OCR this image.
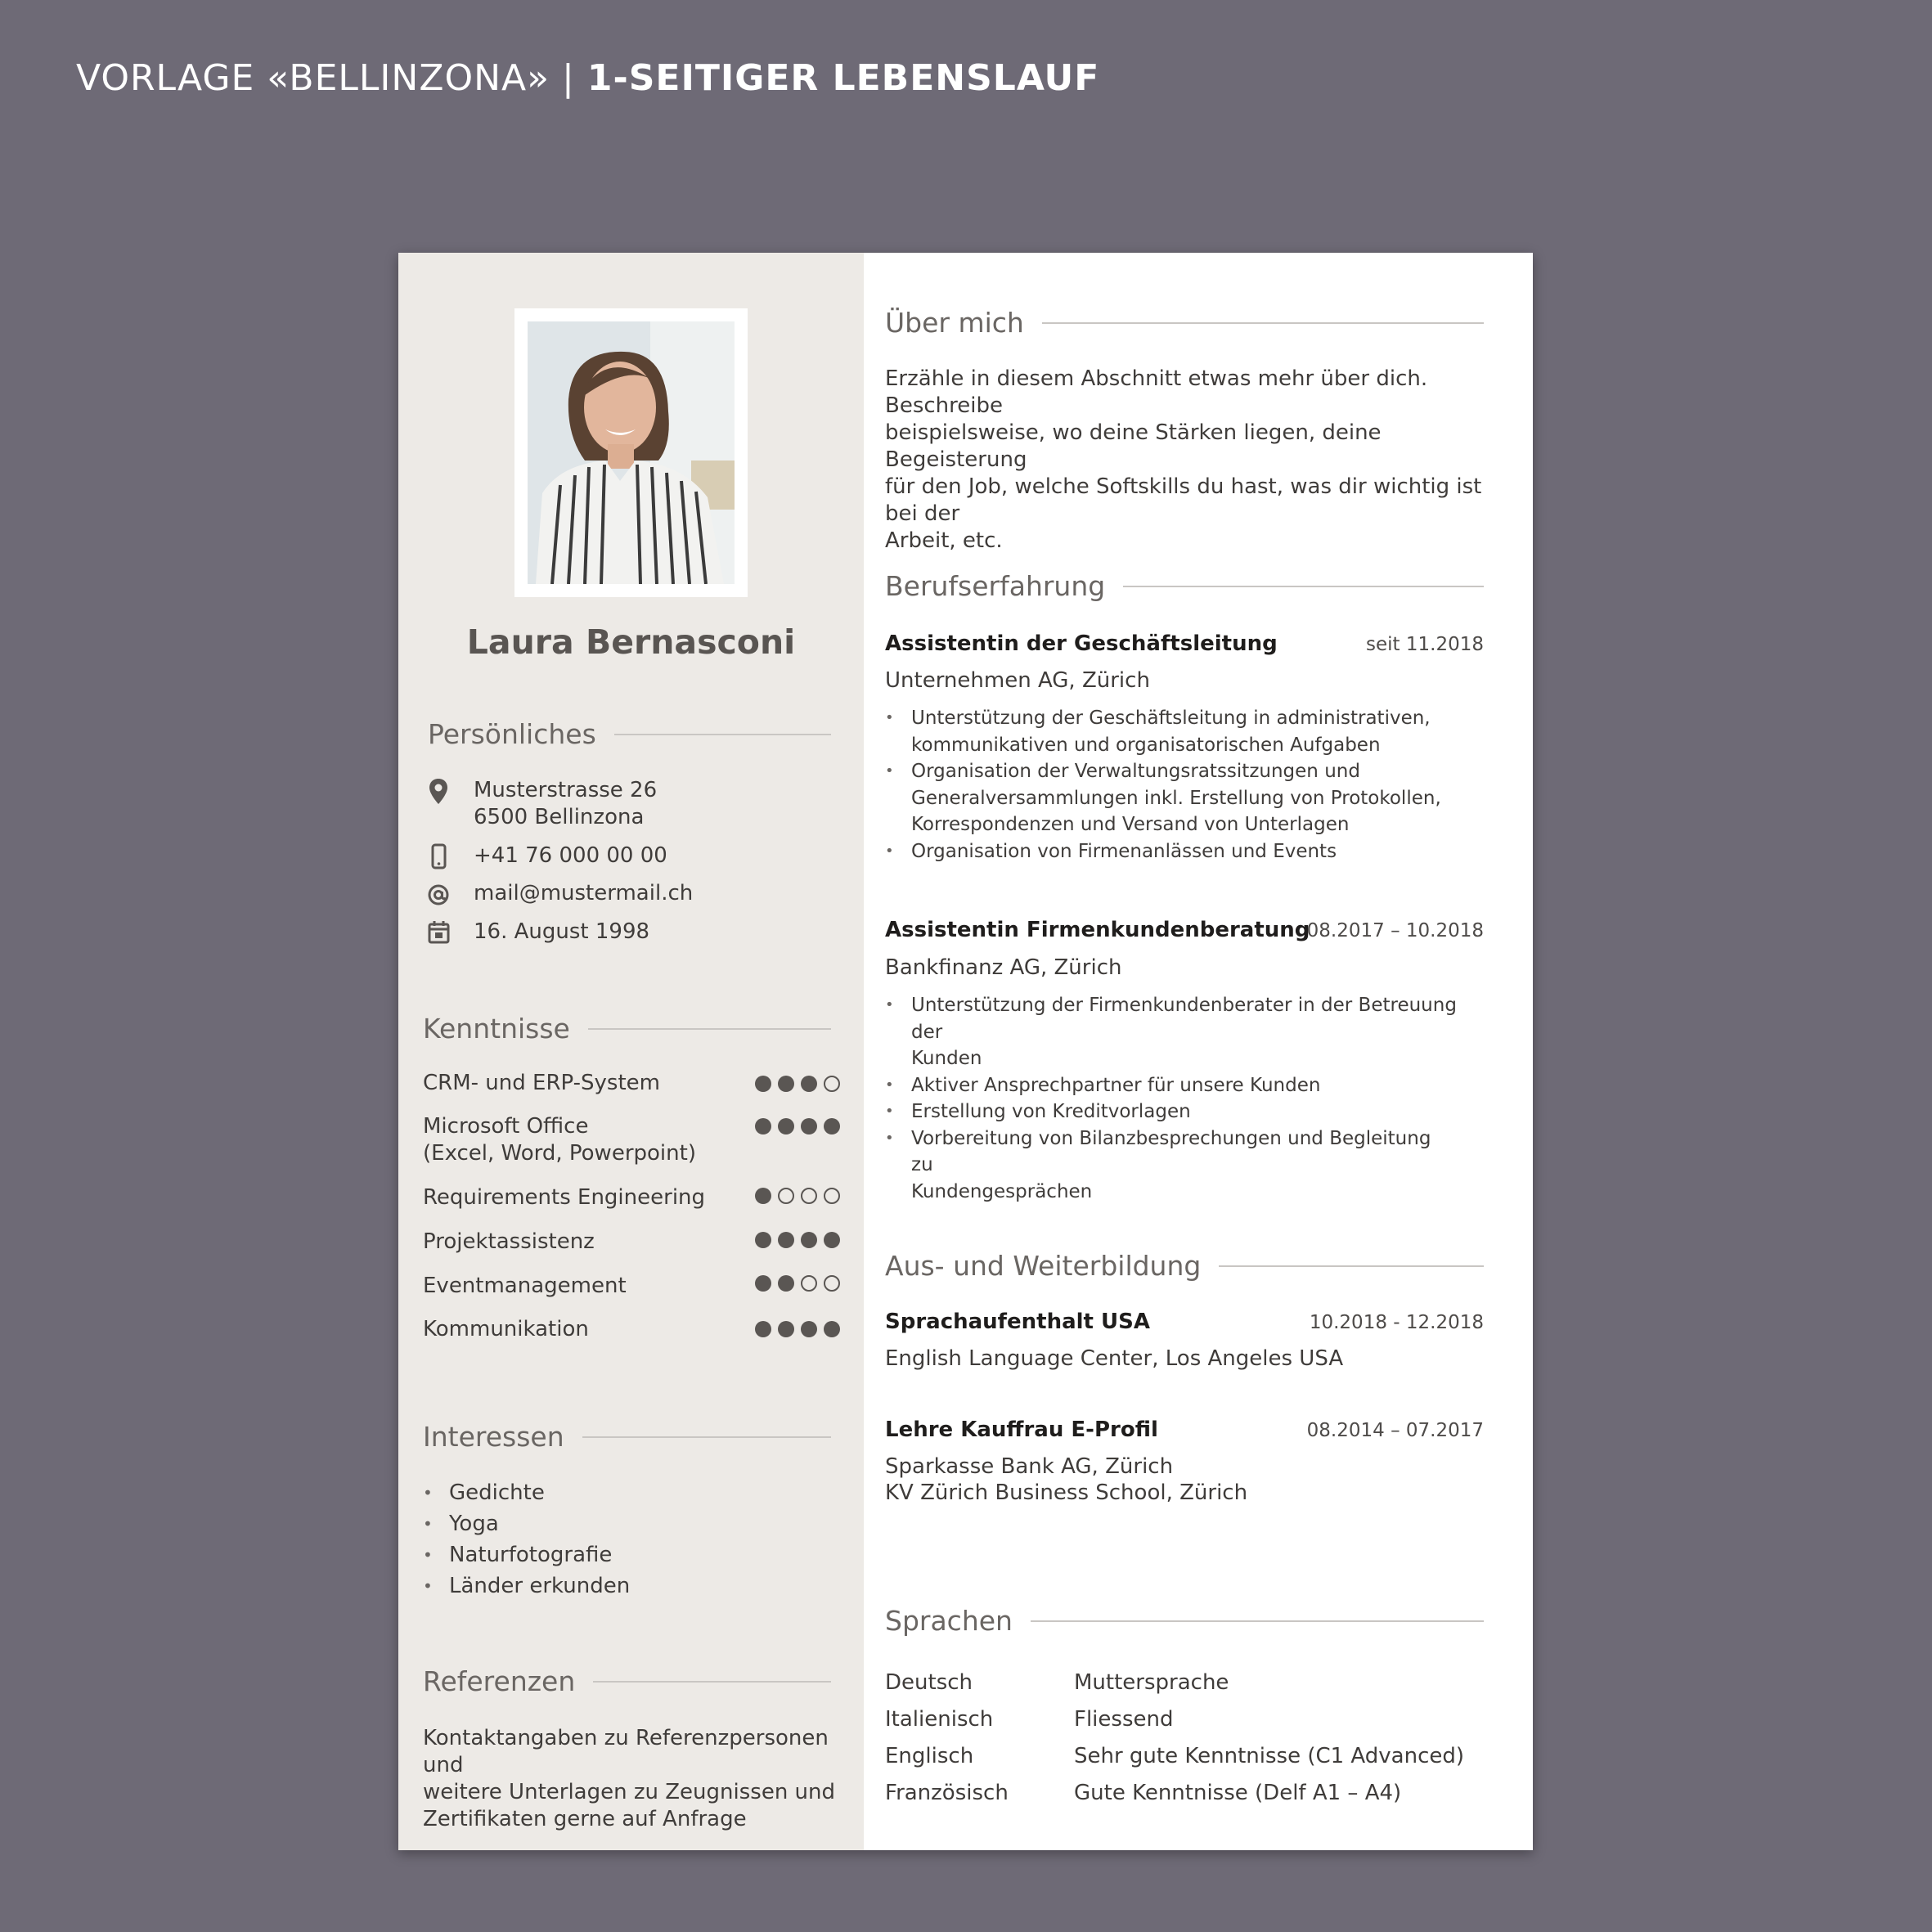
VORLAGE «BELLINZONA» | 1-SEITIGER LEBENSLAUF
Laura Bernasconi
Persönliches
Musterstrasse 26
6500 Bellinzona
+41 76 000 00 00
mail@mustermail.ch
16. August 1998
Kenntnisse
CRM- und ERP-System
Microsoft Office
(Excel, Word, Powerpoint)
Requirements Engineering
Projektassistenz
Eventmanagement
Kommunikation
Interessen
• Gedichte
• Yoga
• Naturfotografie
• Länder erkunden
Referenzen
Kontaktangaben zu Referenzpersonen und
weitere Unterlagen zu Zeugnissen und
Zertifikaten gerne auf Anfrage
Über mich
Erzähle in diesem Abschnitt etwas mehr über dich. Beschreibe
beispielsweise, wo deine Stärken liegen, deine Begeisterung
für den Job, welche Softskills du hast, was dir wichtig ist bei der
Arbeit, etc.
Berufserfahrung
Assistentin der Geschäftsleitung	seit 11.2018
Unternehmen AG, Zürich
• Unterstützung der Geschäftsleitung in administrativen,
kommunikativen und organisatorischen Aufgaben
• Organisation der Verwaltungsratssitzungen und
Generalversammlungen inkl. Erstellung von Protokollen,
Korrespondenzen und Versand von Unterlagen
• Organisation von Firmenanlässen und Events
Assistentin Firmenkundenberatung
08.2017 – 10.2018
Bankfinanz AG, Zürich
• Unterstützung der Firmenkundenberater in der Betreuung der
Kunden
• Aktiver Ansprechpartner für unsere Kunden
• Erstellung von Kreditvorlagen
• Vorbereitung von Bilanzbesprechungen und Begleitung zu
Kundengesprächen
Aus- und Weiterbildung
Sprachaufenthalt USA	10.2018 - 12.2018
English Language Center, Los Angeles USA
Lehre Kauffrau E-Profil	08.2014 – 07.2017
Sparkasse Bank AG, Zürich
KV Zürich Business School, Zürich
Sprachen
Deutsch	Muttersprache
Italienisch	Fliessend
Englisch	Sehr gute Kenntnisse (C1 Advanced)
Französisch	Gute Kenntnisse (Delf A1 – A4)
